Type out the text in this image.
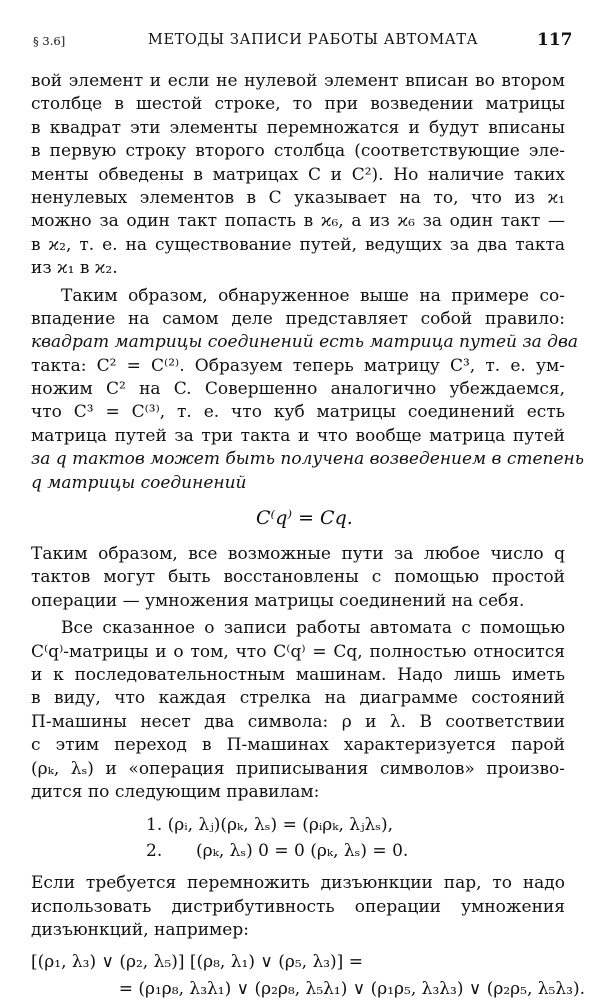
§ 3.6]	МЕТОДЫ ЗАПИСИ РАБОТЫ АВТОМАТА	117
вой элемент и если не нулевой элемент вписан во втором
столбце в шестой строке, то при возведении матрицы
в квадрат эти элементы перемножатся и будут вписаны
в первую строку второго столбца (соответствующие эле-
менты обведены в матрицах C и C²). Но наличие таких
ненулевых элементов в C указывает на то, что из ϰ₁
можно за один такт попасть в ϰ₆, а из ϰ₆ за один такт —
в ϰ₂, т. е. на существование путей, ведущих за два такта
из ϰ₁ в ϰ₂.
Таким образом, обнаруженное выше на примере со-
впадение на самом деле представляет собой правило:
квадрат матрицы соединений есть матрица путей за два
такта: C² = C⁽²⁾. Образуем теперь матрицу C³, т. е. ум-
ножим C² на C. Совершенно аналогично убеждаемся,
что C³ = C⁽³⁾, т. е. что куб матрицы соединений есть
матрица путей за три такта и что вообще матрица путей
за q тактов может быть получена возведением в степень
q матрицы соединений
C⁽q⁾ = Cq.
Таким образом, все возможные пути за любое число q
тактов могут быть восстановлены с помощью простой
операции — умножения матрицы соединений на себя.
Все сказанное о записи работы автомата с помощью
C⁽q⁾-матрицы и о том, что C⁽q⁾ = Cq, полностью относится
и к последовательностным машинам. Надо лишь иметь
в виду, что каждая стрелка на диаграмме состояний
П-машины несет два символа: ρ и λ. В соответствии
с этим переход в П-машинах характеризуется парой
(ρₖ, λₛ) и «операция приписывания символов» произво-
дится по следующим правилам:
1. (ρᵢ, λⱼ)(ρₖ, λₛ) = (ρᵢρₖ, λⱼλₛ),
2. (ρₖ, λₛ) 0 = 0 (ρₖ, λₛ) = 0.
Если требуется перемножить дизъюнкции пар, то надо
использовать дистрибутивность операции умножения
дизъюнкций, например:
[(ρ₁, λ₃) ∨ (ρ₂, λ₅)] [(ρ₈, λ₁) ∨ (ρ₅, λ₃)] =
= (ρ₁ρ₈, λ₃λ₁) ∨ (ρ₂ρ₈, λ₅λ₁) ∨ (ρ₁ρ₅, λ₃λ₃) ∨ (ρ₂ρ₅, λ₅λ₃).
